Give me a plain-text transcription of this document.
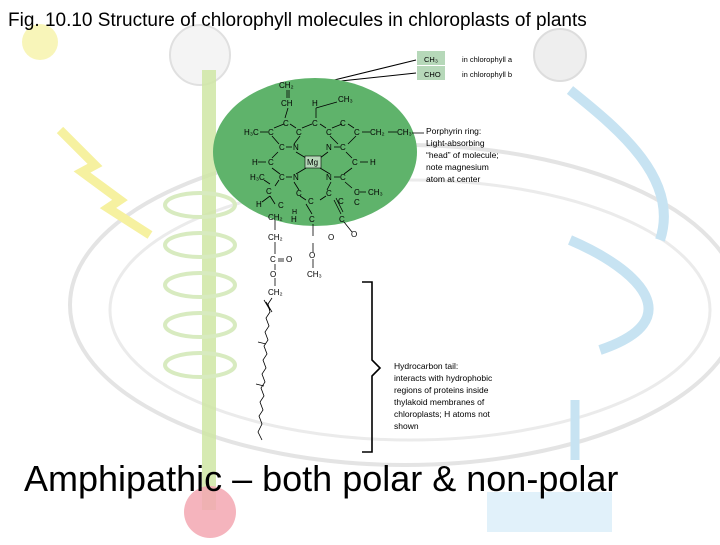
CH₃
CHO
in chlorophyll a
in chlorophyll b
CH₂
CH H	CH₃
C	C	C
H₃C C	C	C	C CH₂ CH₃
C N	N C
Mg
H C	C H
H₃C C N	N C
C	C	C	C CH₃
H C	C	C C
H
CH₂ H C	C
O
CH₂	O
C O O
O	CH₃
CH₂
Fig. 10.10 Structure of chlorophyll molecules in chloroplasts of plants
Porphyrin ring:
Light-absorbing
“head” of molecule;
note magnesium
atom at center
Hydrocarbon tail:
interacts with hydrophobic
regions of proteins inside
thylakoid membranes of
chloroplasts; H atoms not
shown
Amphipathic – both polar & non-polar
